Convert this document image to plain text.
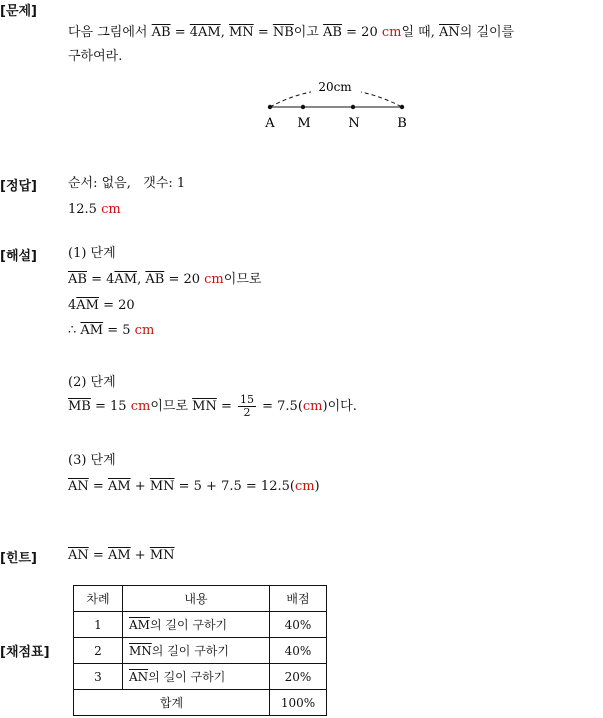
[문제]
다음 그림에서 $\overline{AB} = 4AM$, $\overline{MN} = \overline{NB}$이고 $\overline{AB} = 20$ cm일 때, $\overline{AN}$의 길이를
구하여라.
20cm
A M	N	B
[정답] 순서: 없음, 갯수: 1
12.5 cm
[해설] (1) 단계
$\overline{AB} = 4\overline{AM}$, $\overline{AB} = 20$ cm이므로
$4\overline{AM} = 20$
∴ $\overline{AM} = 5$ cm
(2) 단계
$\overline{MB} = 15$ cm이므로 $\overline{MN} = \frac{15}{2} = 7.5(cm)$이다.
(3) 단계
$\overline{AN} = \overline{AM} + \overline{MN} = 5 + 7.5 = 12.5(cm)$
[힌트] $\overline{AN} = \overline{AM} + \overline{MN}$
[채점표]
차례	내용	배점
1	$\overline{AM}$의 길이 구하기	40%
2	$\overline{MN}$의 길이 구하기	40%
3	$\overline{AN}$의 길이 구하기	20%
합계		100%
